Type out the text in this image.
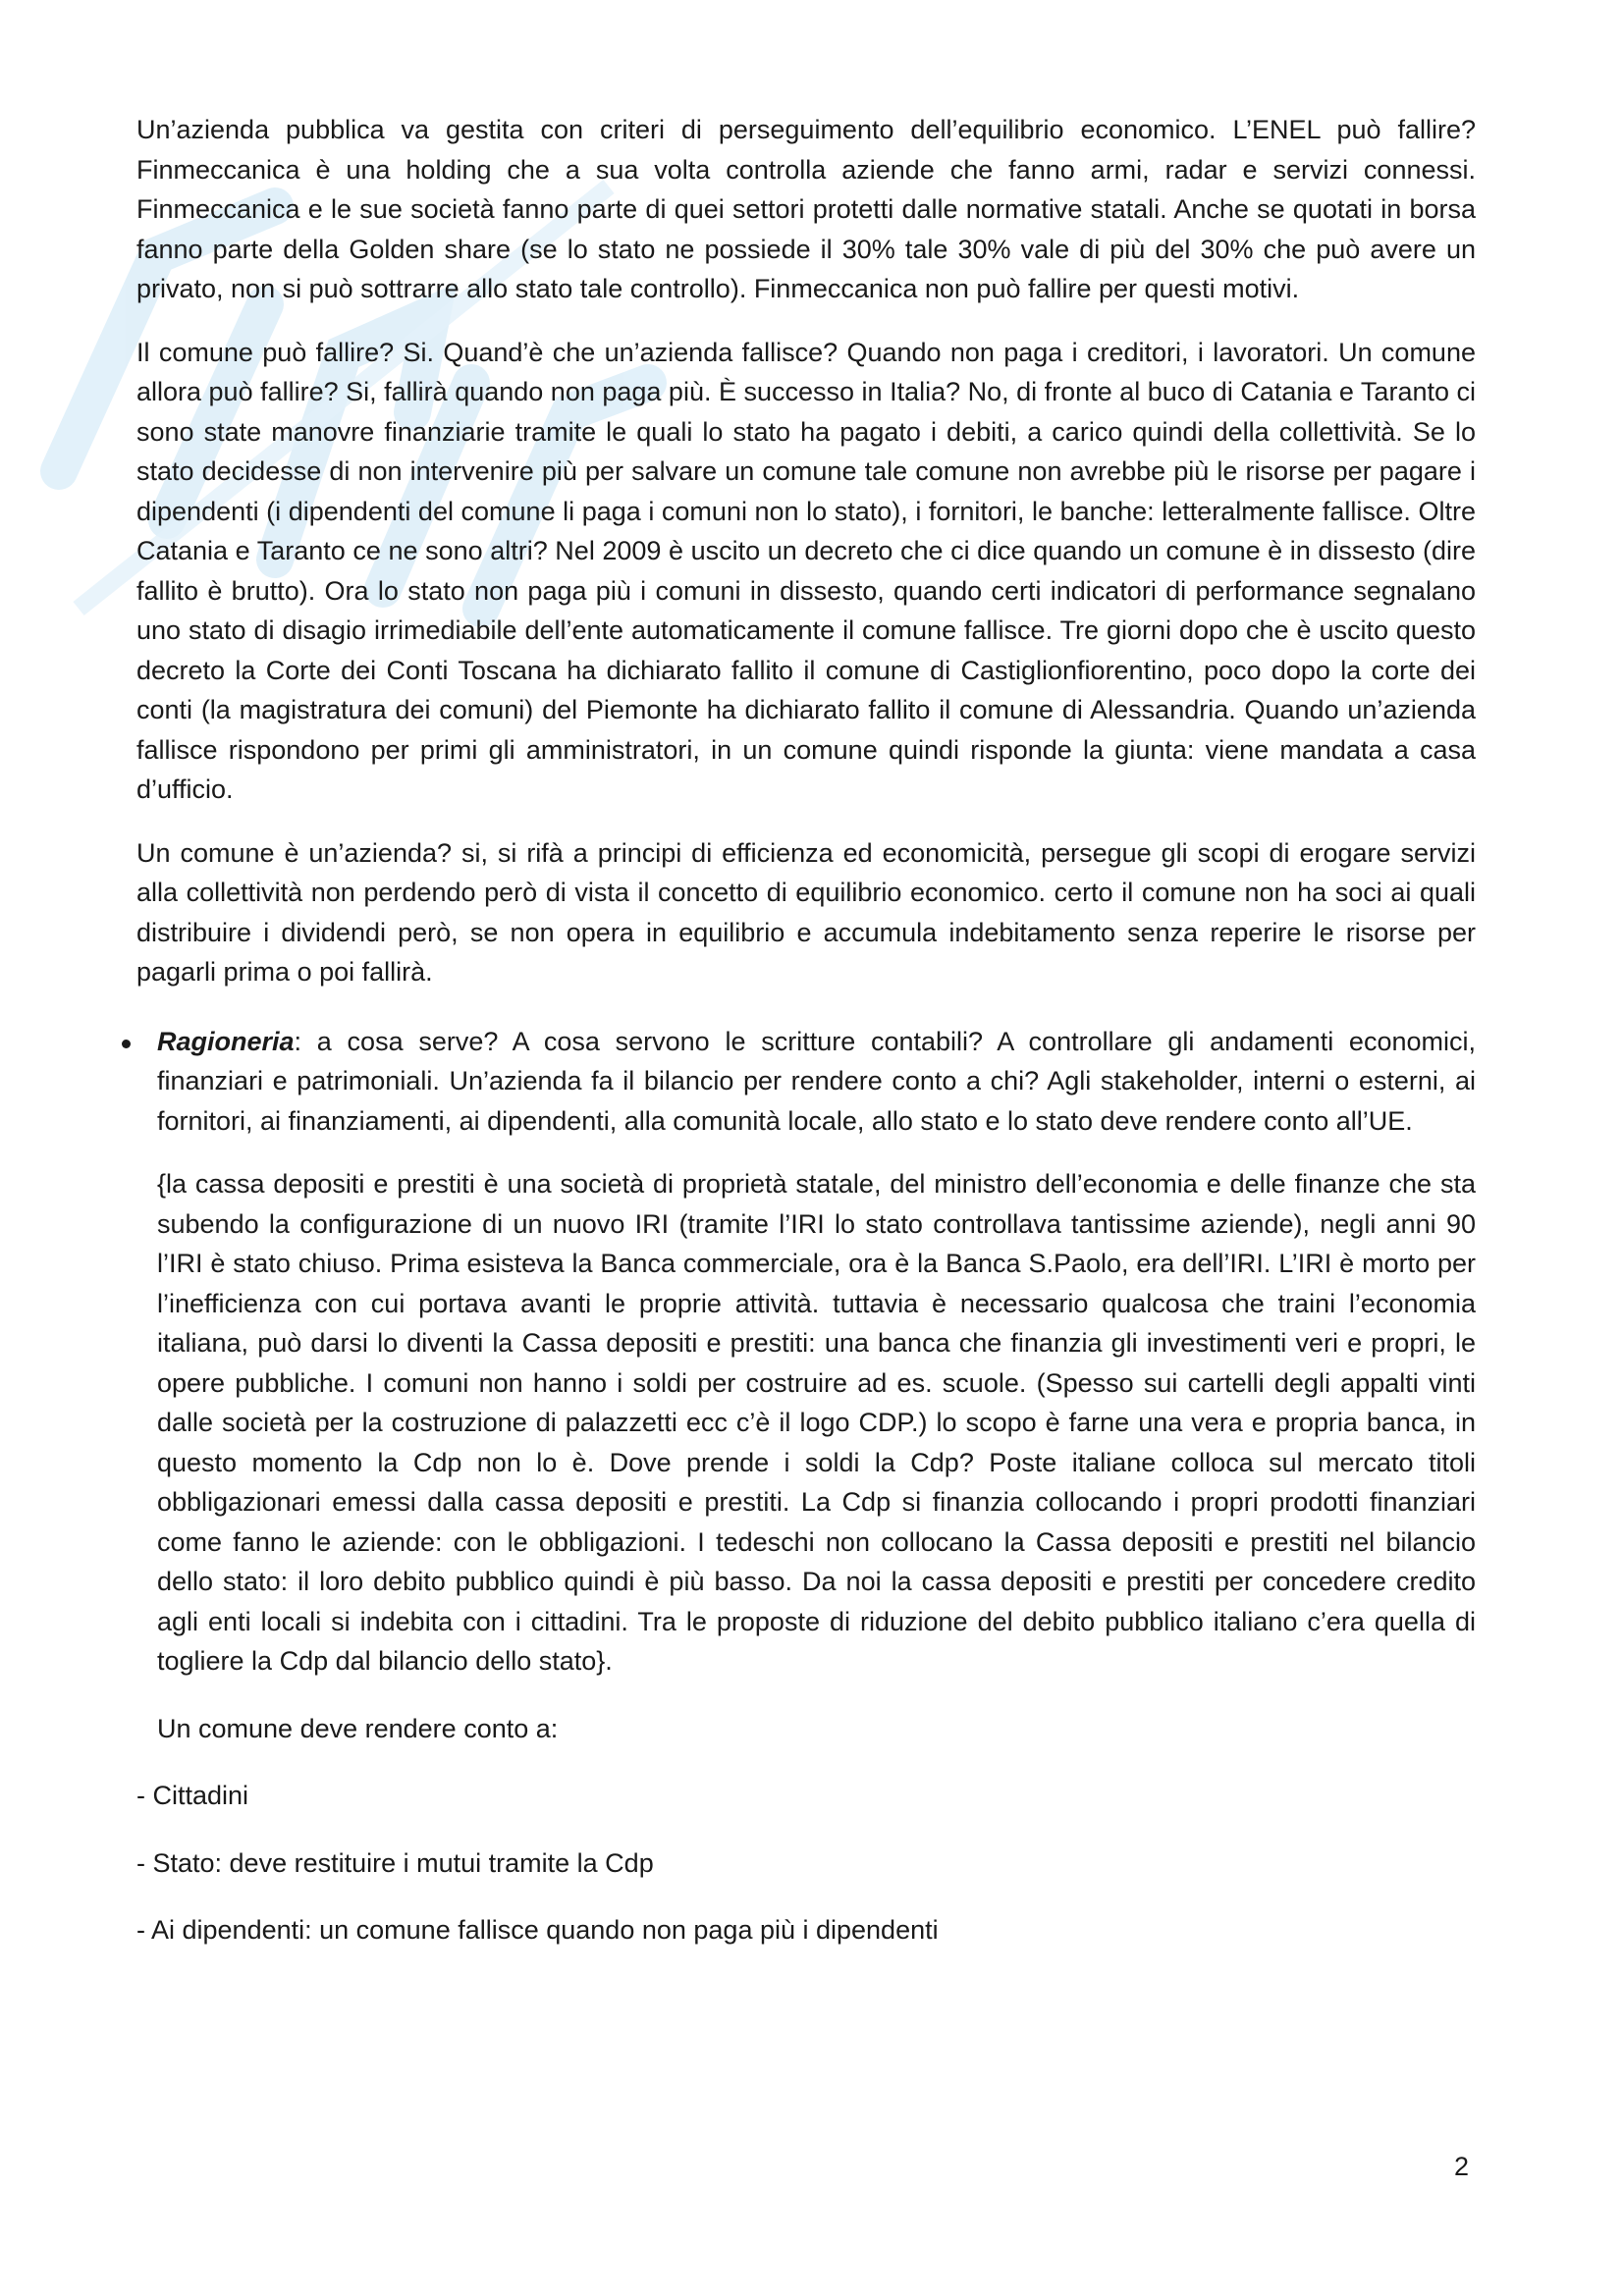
Un’azienda pubblica va gestita con criteri di perseguimento dell’equilibrio economico. L’ENEL può fallire? Finmeccanica è una holding che a sua volta controlla aziende che fanno armi, radar e servizi connessi. Finmeccanica e le sue società fanno parte di quei settori protetti dalle normative statali. Anche se quotati in borsa fanno parte della Golden share (se lo stato ne possiede il 30% tale 30% vale di più del 30% che può avere un privato, non si può sottrarre allo stato tale controllo). Finmeccanica non può fallire per questi motivi.

Il comune può fallire? Si. Quand’è che un’azienda fallisce? Quando non paga i creditori, i lavoratori. Un comune allora può fallire? Si, fallirà quando non paga più. È successo in Italia? No, di fronte al buco di Catania e Taranto ci sono state manovre finanziarie tramite le quali lo stato ha pagato i debiti, a carico quindi della collettività. Se lo stato decidesse di non intervenire più per salvare un comune tale comune non avrebbe più le risorse per pagare i dipendenti (i dipendenti del comune li paga i comuni non lo stato), i fornitori, le banche: letteralmente fallisce. Oltre Catania e Taranto ce ne sono altri? Nel 2009 è uscito un decreto che ci dice quando un comune è in dissesto (dire fallito è brutto). Ora lo stato non paga più i comuni in dissesto, quando certi indicatori di performance segnalano uno stato di disagio irrimediabile dell’ente automaticamente il comune fallisce. Tre giorni dopo che è uscito questo decreto la Corte dei Conti Toscana ha dichiarato fallito il comune di Castiglionfiorentino, poco dopo la corte dei conti (la magistratura dei comuni) del Piemonte ha dichiarato fallito il comune di Alessandria. Quando un’azienda fallisce rispondono per primi gli amministratori, in un comune quindi risponde la giunta: viene mandata a casa d’ufficio.

Un comune è un’azienda? si, si rifà a principi di efficienza ed economicità, persegue gli scopi di erogare servizi alla collettività non perdendo però di vista il concetto di equilibrio economico. certo il comune non ha soci ai quali distribuire i dividendi però, se non opera in equilibrio e accumula indebitamento senza reperire le risorse per pagarli prima o poi fallirà.

Ragioneria: a cosa serve? A cosa servono le scritture contabili? A controllare gli andamenti economici, finanziari e patrimoniali. Un’azienda fa il bilancio per rendere conto a chi? Agli stakeholder, interni o esterni, ai fornitori, ai finanziamenti, ai dipendenti, alla comunità locale, allo stato e lo stato deve rendere conto all’UE.

{la cassa depositi e prestiti è una società di proprietà statale, del ministro dell’economia e delle finanze che sta subendo la configurazione di un nuovo IRI (tramite l’IRI lo stato controllava tantissime aziende), negli anni 90 l’IRI è stato chiuso. Prima esisteva la Banca commerciale, ora è la Banca S.Paolo, era dell’IRI. L’IRI è morto per l’inefficienza con cui portava avanti le proprie attività. tuttavia è necessario qualcosa che traini l’economia italiana, può darsi lo diventi la Cassa depositi e prestiti: una banca che finanzia gli investimenti veri e propri, le opere pubbliche. I comuni non hanno i soldi per costruire ad es. scuole. (Spesso sui cartelli degli appalti vinti dalle società per la costruzione di palazzetti ecc c’è il logo CDP.) lo scopo è farne una vera e propria banca, in questo momento la Cdp non lo è. Dove prende i soldi la Cdp? Poste italiane colloca sul mercato titoli obbligazionari emessi dalla cassa depositi e prestiti. La Cdp si finanzia collocando i propri prodotti finanziari come fanno le aziende: con le obbligazioni. I tedeschi non collocano la Cassa depositi e prestiti nel bilancio dello stato: il loro debito pubblico quindi è più basso. Da noi la cassa depositi e prestiti per concedere credito agli enti locali si indebita con i cittadini. Tra le proposte di riduzione del debito pubblico italiano c’era quella di togliere la Cdp dal bilancio dello stato}.

Un comune deve rendere conto a:

- Cittadini

- Stato: deve restituire i mutui tramite la Cdp

- Ai dipendenti: un comune fallisce quando non paga più i dipendenti

2
